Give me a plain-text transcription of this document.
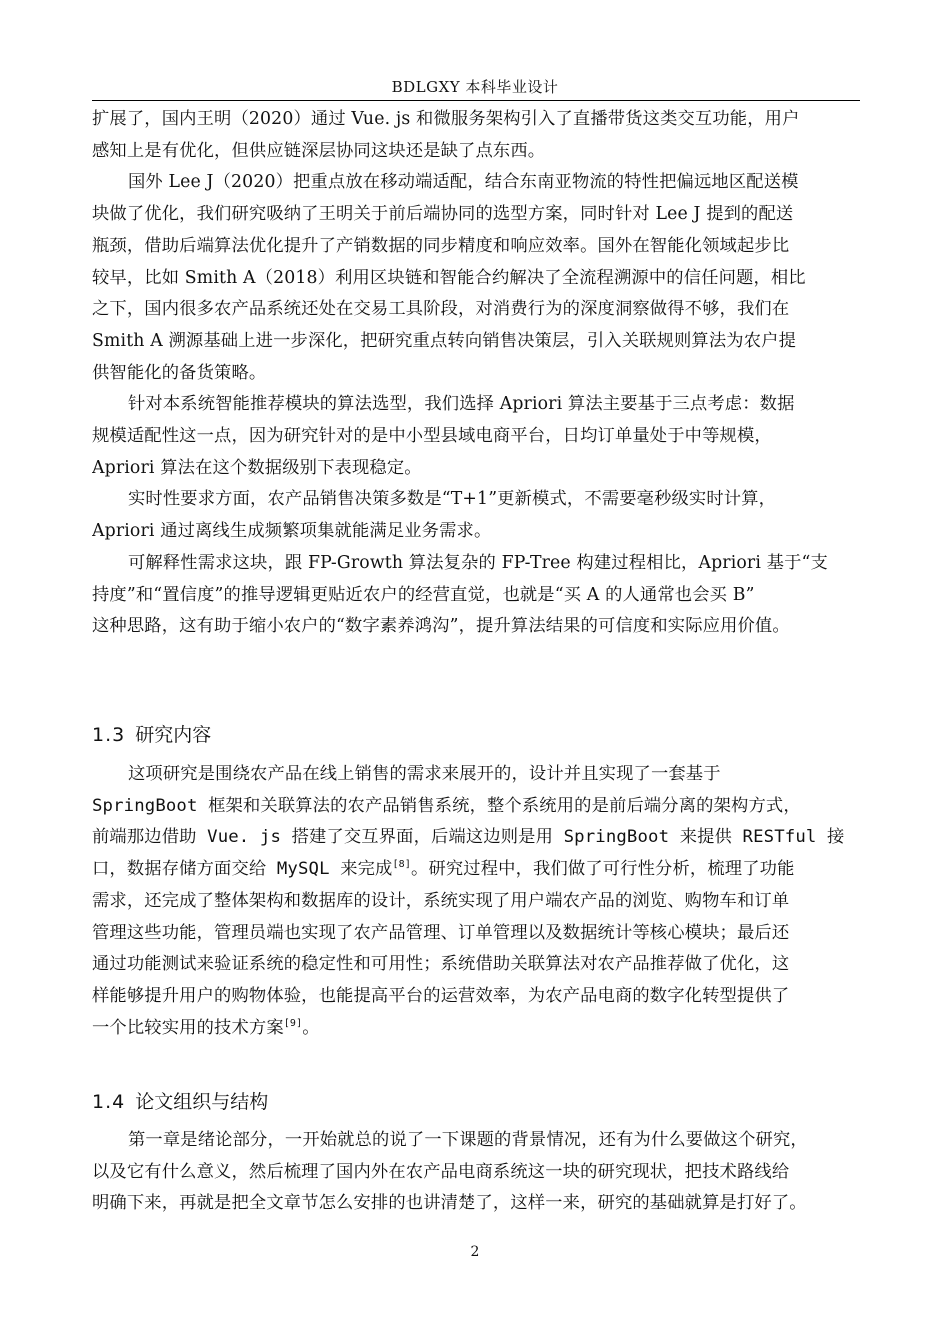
BDLGXY 本科毕业设计
扩展了，国内王明（2020）通过 Vue. js 和微服务架构引入了直播带货这类交互功能，用户
感知上是有优化，但供应链深层协同这块还是缺了点东西。
国外 Lee J（2020）把重点放在移动端适配，结合东南亚物流的特性把偏远地区配送模
块做了优化，我们研究吸纳了王明关于前后端协同的选型方案，同时针对 Lee J 提到的配送
瓶颈，借助后端算法优化提升了产销数据的同步精度和响应效率。国外在智能化领域起步比
较早，比如 Smith A（2018）利用区块链和智能合约解决了全流程溯源中的信任问题，相比
之下，国内很多农产品系统还处在交易工具阶段，对消费行为的深度洞察做得不够，我们在
Smith A 溯源基础上进一步深化，把研究重点转向销售决策层，引入关联规则算法为农户提
供智能化的备货策略。
针对本系统智能推荐模块的算法选型，我们选择 Apriori 算法主要基于三点考虑：数据
规模适配性这一点，因为研究针对的是中小型县域电商平台，日均订单量处于中等规模，
Apriori 算法在这个数据级别下表现稳定。
实时性要求方面，农产品销售决策多数是“T+1”更新模式，不需要毫秒级实时计算，
Apriori 通过离线生成频繁项集就能满足业务需求。
可解释性需求这块，跟 FP-Growth 算法复杂的 FP-Tree 构建过程相比，Apriori 基于“支
持度”和“置信度”的推导逻辑更贴近农户的经营直觉，也就是“买 A 的人通常也会买 B”
这种思路，这有助于缩小农户的“数字素养鸿沟”，提升算法结果的可信度和实际应用价值。
1.3 研究内容
这项研究是围绕农产品在线上销售的需求来展开的，设计并且实现了一套基于
SpringBoot 框架和关联算法的农产品销售系统，整个系统用的是前后端分离的架构方式，
前端那边借助 Vue. js 搭建了交互界面，后端这边则是用 SpringBoot 来提供 RESTful 接
口，数据存储方面交给 MySQL 来完成[8]。研究过程中，我们做了可行性分析，梳理了功能
需求，还完成了整体架构和数据库的设计，系统实现了用户端农产品的浏览、购物车和订单
管理这些功能，管理员端也实现了农产品管理、订单管理以及数据统计等核心模块；最后还
通过功能测试来验证系统的稳定性和可用性；系统借助关联算法对农产品推荐做了优化，这
样能够提升用户的购物体验，也能提高平台的运营效率，为农产品电商的数字化转型提供了
一个比较实用的技术方案[9]。
1.4 论文组织与结构
第一章是绪论部分，一开始就总的说了一下课题的背景情况，还有为什么要做这个研究，
以及它有什么意义，然后梳理了国内外在农产品电商系统这一块的研究现状，把技术路线给
明确下来，再就是把全文章节怎么安排的也讲清楚了，这样一来，研究的基础就算是打好了。
2
